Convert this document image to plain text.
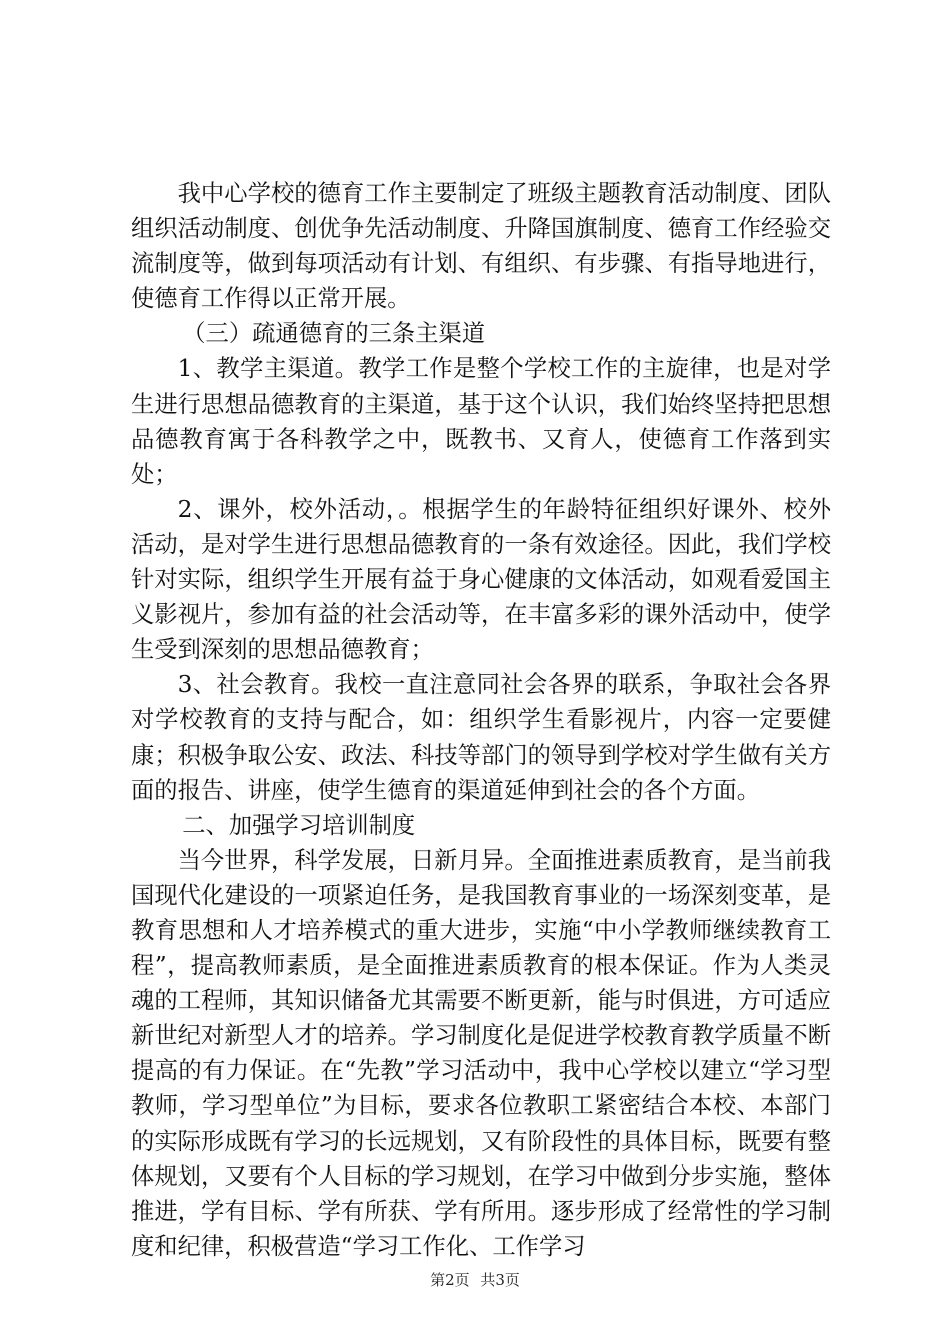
我中心学校的德育工作主要制定了班级主题教育活动制度、团队组织活动制度、创优争先活动制度、升降国旗制度、德育工作经验交流制度等，做到每项活动有计划、有组织、有步骤、有指导地进行，使德育工作得以正常开展。

（三）疏通德育的三条主渠道

1、教学主渠道。教学工作是整个学校工作的主旋律，也是对学生进行思想品德教育的主渠道，基于这个认识，我们始终坚持把思想品德教育寓于各科教学之中，既教书、又育人，使德育工作落到实处；

2、课外，校外活动，。根据学生的年龄特征组织好课外、校外活动，是对学生进行思想品德教育的一条有效途径。因此，我们学校针对实际，组织学生开展有益于身心健康的文体活动，如观看爱国主义影视片，参加有益的社会活动等，在丰富多彩的课外活动中，使学生受到深刻的思想品德教育；

3、社会教育。我校一直注意同社会各界的联系，争取社会各界对学校教育的支持与配合，如：组织学生看影视片，内容一定要健康；积极争取公安、政法、科技等部门的领导到学校对学生做有关方面的报告、讲座，使学生德育的渠道延伸到社会的各个方面。

二、加强学习培训制度

当今世界，科学发展，日新月异。全面推进素质教育，是当前我国现代化建设的一项紧迫任务，是我国教育事业的一场深刻变革，是教育思想和人才培养模式的重大进步，实施“中小学教师继续教育工程”，提高教师素质，是全面推进素质教育的根本保证。作为人类灵魂的工程师，其知识储备尤其需要不断更新，能与时俱进，方可适应新世纪对新型人才的培养。学习制度化是促进学校教育教学质量不断提高的有力保证。在“先教”学习活动中，我中心学校以建立“学习型教师，学习型单位”为目标，要求各位教职工紧密结合本校、本部门的实际形成既有学习的长远规划，又有阶段性的具体目标，既要有整体规划，又要有个人目标的学习规划，在学习中做到分步实施，整体推进，学有目标、学有所获、学有所用。逐步形成了经常性的学习制度和纪律，积极营造“学习工作化、工作学习

第2页 共3页
